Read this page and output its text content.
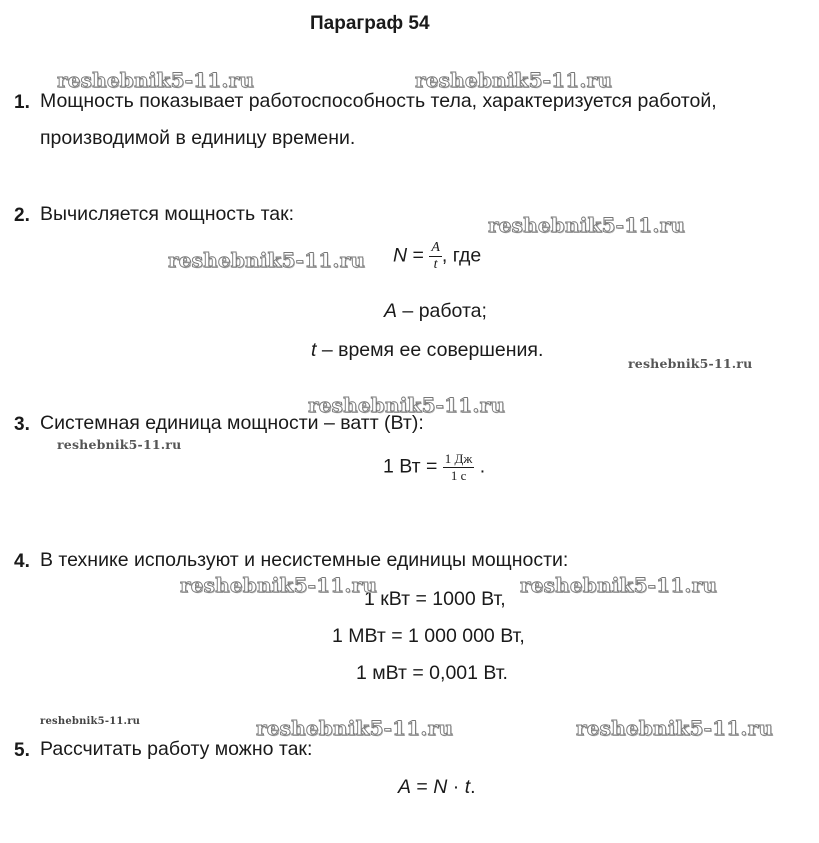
Параграф 54
1. Мощность показывает работоспособность тела, характеризуется работой,
производимой в единицу времени.
2. Вычисляется мощность так:
$N = \frac{A}{t}$ , где
A – работа;
t – время ее совершения.
3. Системная единица мощности – ватт (Вт):
1 Вт = $\frac{1 Дж}{1 с}$ .
4. В технике используют и несистемные единицы мощности:
1 кВт = 1000 Вт,
1 МВт = 1 000 000 Вт,
1 мВт = 0,001 Вт.
5. Рассчитать работу можно так:
A = N · t.
reshebnik5-11.ru	reshebnik5-11.ru
reshebnik5-11.ru
reshebnik5-11.ru
reshebnik5-11.ru
reshebnik5-11.ru
reshebnik5-11.ru
reshebnik5-11.ru	reshebnik5-11.ru
reshebnik5-11.ru	reshebnik5-11.ru	reshebnik5-11.ru
